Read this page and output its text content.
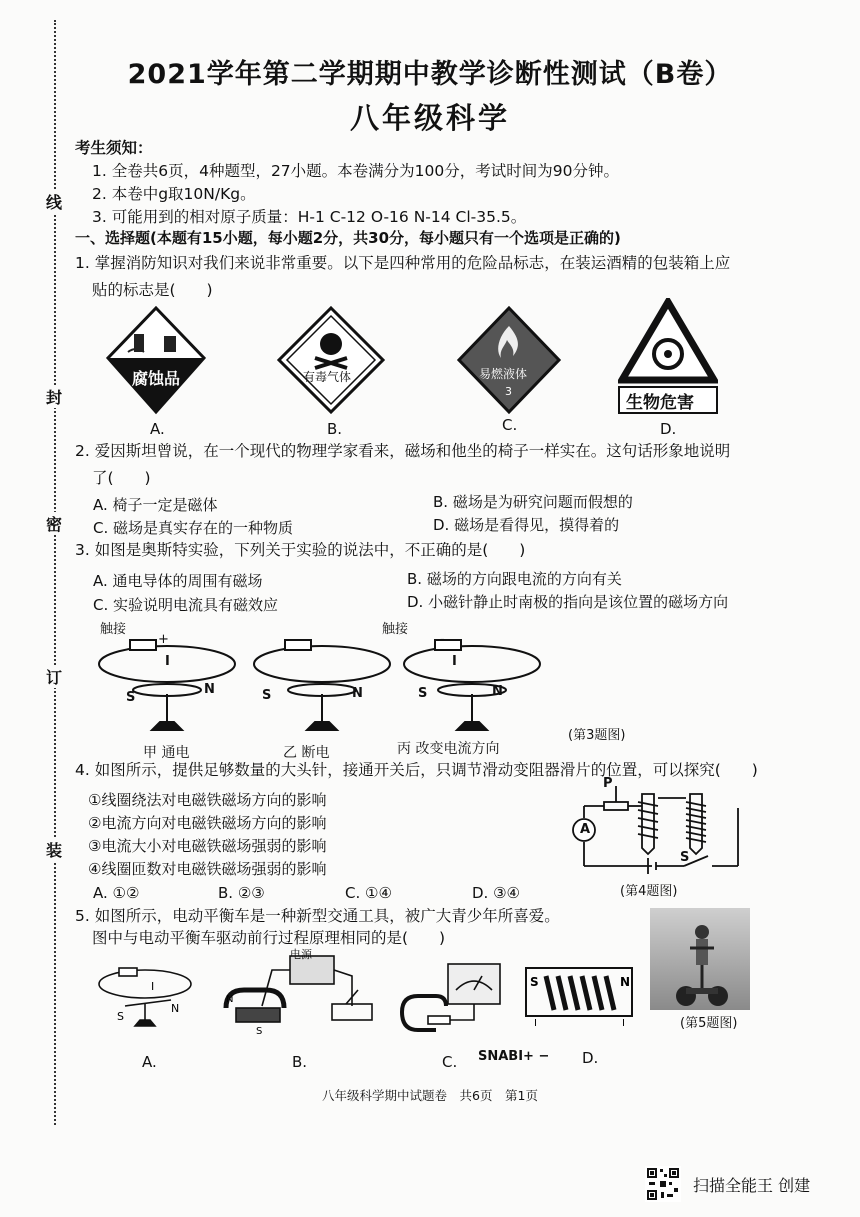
线
封
密
订
装
2021学年第二学期期中教学诊断性测试（B卷）
八年级科学
考生须知：
1. 全卷共6页，4种题型，27小题。本卷满分为100分，考试时间为90分钟。
2. 本卷中g取10N/Kg。
3. 可能用到的相对原子质量：H-1 C-12 O-16 N-14 Cl-35.5。
一、选择题(本题有15小题，每小题2分，共30分，每小题只有一个选项是正确的)
1. 掌握消防知识对我们来说非常重要。以下是四种常用的危险品标志，在装运酒精的包装箱上应
贴的标志是(　　)
腐蚀品	有毒气体	易燃液体
3
生物危害
A.	B.	C.	D.
2. 爱因斯坦曾说，在一个现代的物理学家看来，磁场和他坐的椅子一样实在。这句话形象地说明
了(　　)
A. 椅子一定是磁体	B. 磁场是为研究问题而假想的
C. 磁场是真实存在的一种物质	D. 磁场是看得见，摸得着的
3. 如图是奥斯特实验，下列关于实验的说法中，不正确的是(　　)
A. 通电导体的周围有磁场	B. 磁场的方向跟电流的方向有关
C. 实验说明电流具有磁效应	D. 小磁针静止时南极的指向是该位置的磁场方向
触接	触接
+	-
I	I
S
N	S	N	S	N
甲 通电	乙 断电	丙 改变电流方向
(第3题图)
4. 如图所示，提供足够数量的大头针，接通开关后，只调节滑动变阻器滑片的位置，可以探究(　　)
①线圈绕法对电磁铁磁场方向的影响
②电流方向对电磁铁磁场方向的影响
③电流大小对电磁铁磁场强弱的影响
④线圈匝数对电磁铁磁场强弱的影响
A. ①②	B. ②③	C. ①④	D. ③④
P
A
S
(第4题图)
5. 如图所示，电动平衡车是一种新型交通工具，被广大青少年所喜爱。
图中与电动平衡车驱动前行过程原理相同的是(　　)
I
S
N
N
S
电源
S	N
I	I	(第5题图)
A.	B.	C. SNABI+ − D.
八年级科学期中试题卷　共6页　第1页
扫描全能王 创建
